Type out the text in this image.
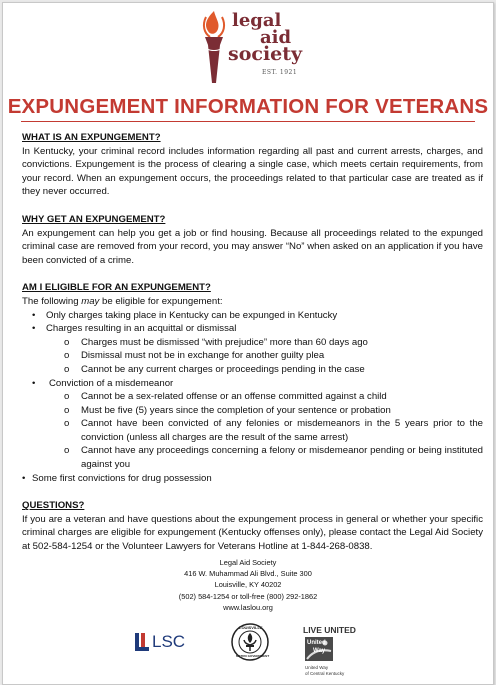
legal
aid
society
EST. 1921
EXPUNGEMENT INFORMATION FOR VETERANS

WHAT IS AN EXPUNGEMENT?

In Kentucky, your criminal record includes information regarding all past and current arrests, charges, and convictions. Expungement is the process of clearing a single case, which meets certain requirements, from your record. When an expungement occurs, the proceedings related to that particular case are treated as if they never occurred.

WHY GET AN EXPUNGEMENT?

An expungement can help you get a job or find housing. Because all proceedings related to the expunged criminal case are removed from your record, you may answer “No” when asked on an application if you have been convicted of a crime.

AM I ELIGIBLE FOR AN EXPUNGEMENT?

The following may be eligible for expungement:

• Only charges taking place in Kentucky can be expunged in Kentucky
• Charges resulting in an acquittal or dismissal
o Charges must be dismissed “with prejudice” more than 60 days ago
o Dismissal must not be in exchange for another guilty plea
o Cannot be any current charges or proceedings pending in the case
• Conviction of a misdemeanor
o Cannot be a sex-related offense or an offense committed against a child
o Must be five (5) years since the completion of your sentence or probation
o Cannot have been convicted of any felonies or misdemeanors in the 5 years prior to the conviction (unless all charges are the result of the same arrest)
o Cannot have any proceedings concerning a felony or misdemeanor pending or being instituted against you
• Some first convictions for drug possession

QUESTIONS?

If you are a veteran and have questions about the expungement process in general or whether your specific criminal charges are eligible for expungement (Kentucky offenses only), please contact the Legal Aid Society at 502-584-1254 or the Volunteer Lawyers for Veterans Hotline at 1-844-268-0838.

Legal Aid Society
416 W. Muhammad Ali Blvd., Suite 300
Louisville, KY 40202
(502) 584-1254 or toll-free (800) 292-1862
www.laslou.org
LSC
LOUISVILLE
METRO GOVERNMENT
LIVE UNITED
United
Way
United Way
of Central Kentucky
